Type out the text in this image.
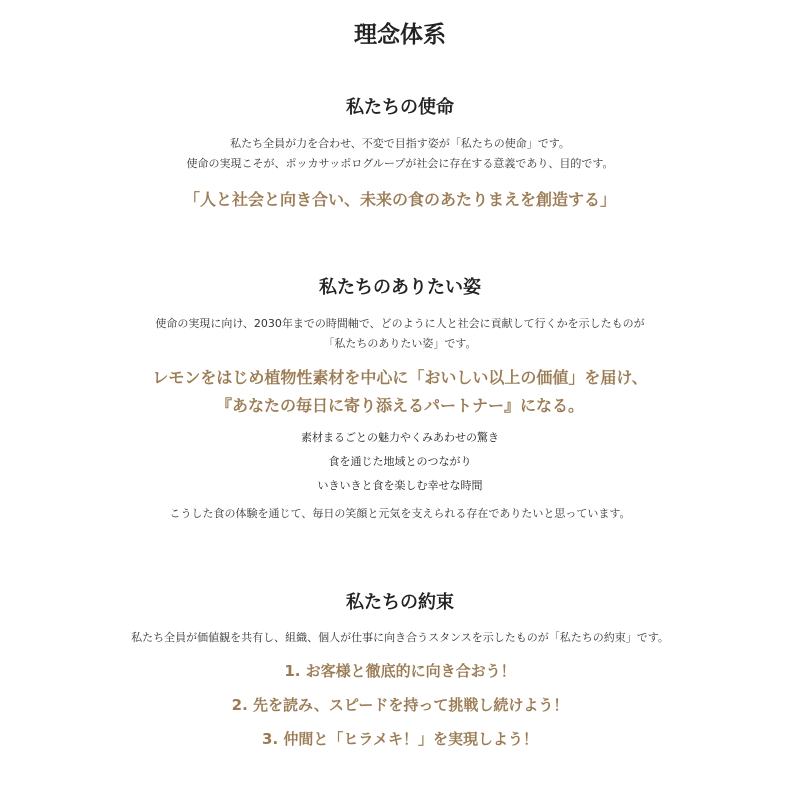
理念体系
私たちの使命

私たち全員が力を合わせ、不変で目指す姿が「私たちの使命」です。

使命の実現こそが、ポッカサッポログループが社会に存在する意義であり、目的です。

「人と社会と向き合い、未来の食のあたりまえを創造する」

私たちのありたい姿

使命の実現に向け、2030年までの時間軸で、どのように人と社会に貢献して行くかを示したものが

「私たちのありたい姿」です。

レモンをはじめ植物性素材を中心に「おいしい以上の価値」を届け、

『あなたの毎日に寄り添えるパートナー』になる。

素材まるごとの魅力やくみあわせの驚き

食を通じた地域とのつながり

いきいきと食を楽しむ幸せな時間

こうした食の体験を通じて、毎日の笑顔と元気を支えられる存在でありたいと思っています。

私たちの約束

私たち全員が価値観を共有し、組織、個人が仕事に向き合うスタンスを示したものが「私たちの約束」です。

1. お客様と徹底的に向き合おう！

2. 先を読み、スピードを持って挑戦し続けよう！

3. 仲間と「ヒラメキ！」を実現しよう！
